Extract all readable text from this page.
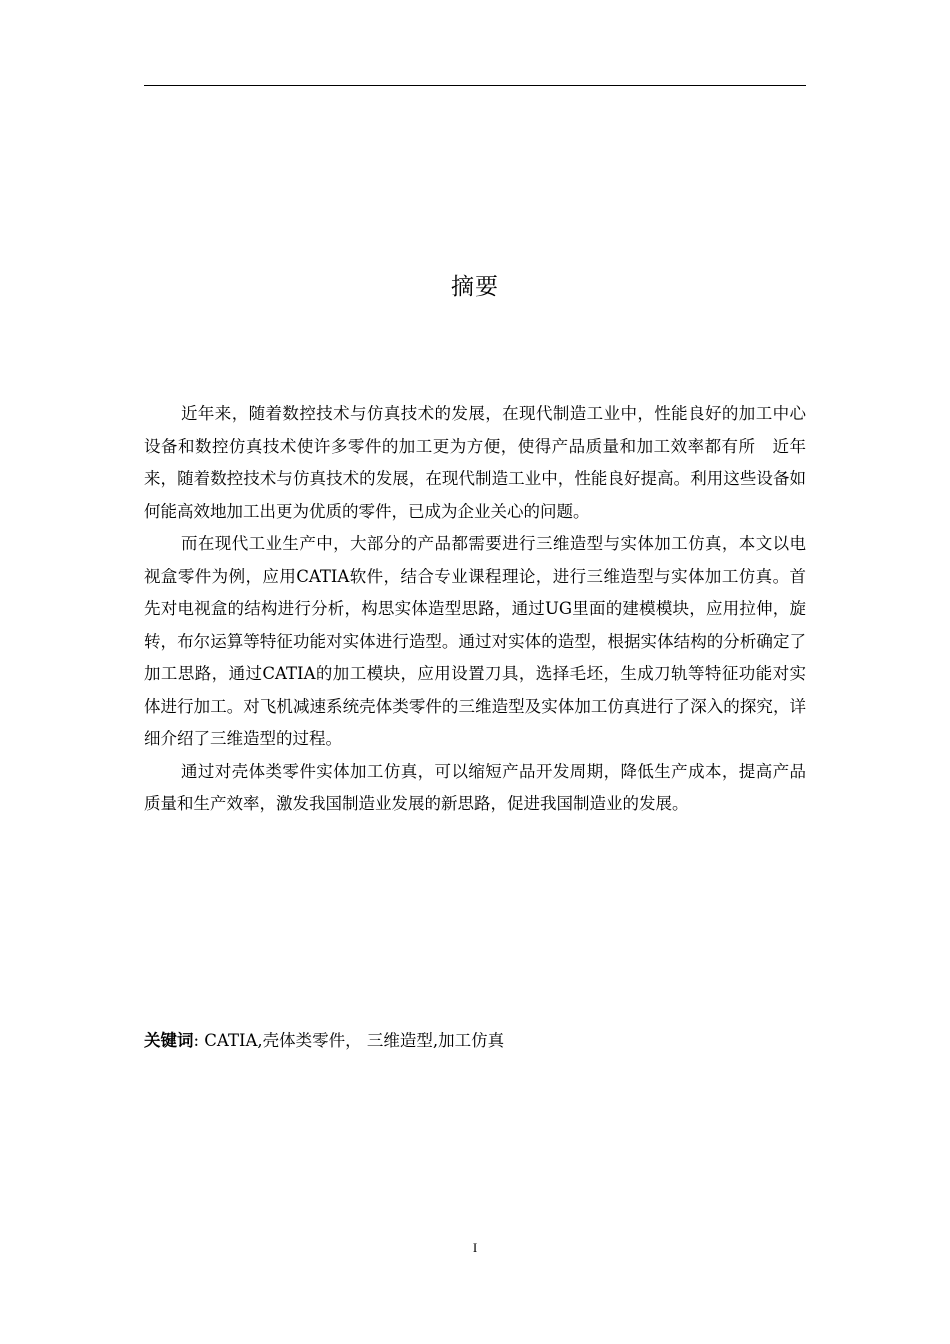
摘要

近年来，随着数控技术与仿真技术的发展，在现代制造工业中，性能良好的加工中心设备和数控仿真技术使许多零件的加工更为方便，使得产品质量和加工效率都有所　近年来，随着数控技术与仿真技术的发展，在现代制造工业中，性能良好提高。利用这些设备如何能高效地加工出更为优质的零件，已成为企业关心的问题。

而在现代工业生产中，大部分的产品都需要进行三维造型与实体加工仿真，本文以电视盒零件为例，应用CATIA软件，结合专业课程理论，进行三维造型与实体加工仿真。首先对电视盒的结构进行分析，构思实体造型思路，通过UG里面的建模模块，应用拉伸，旋转，布尔运算等特征功能对实体进行造型。通过对实体的造型，根据实体结构的分析确定了加工思路，通过CATIA的加工模块，应用设置刀具，选择毛坯，生成刀轨等特征功能对实体进行加工。对飞机减速系统壳体类零件的三维造型及实体加工仿真进行了深入的探究，详细介绍了三维造型的过程。

通过对壳体类零件实体加工仿真，可以缩短产品开发周期，降低生产成本，提高产品质量和生产效率，激发我国制造业发展的新思路，促进我国制造业的发展。

关键词: CATIA,壳体类零件， 三维造型,加工仿真
I
